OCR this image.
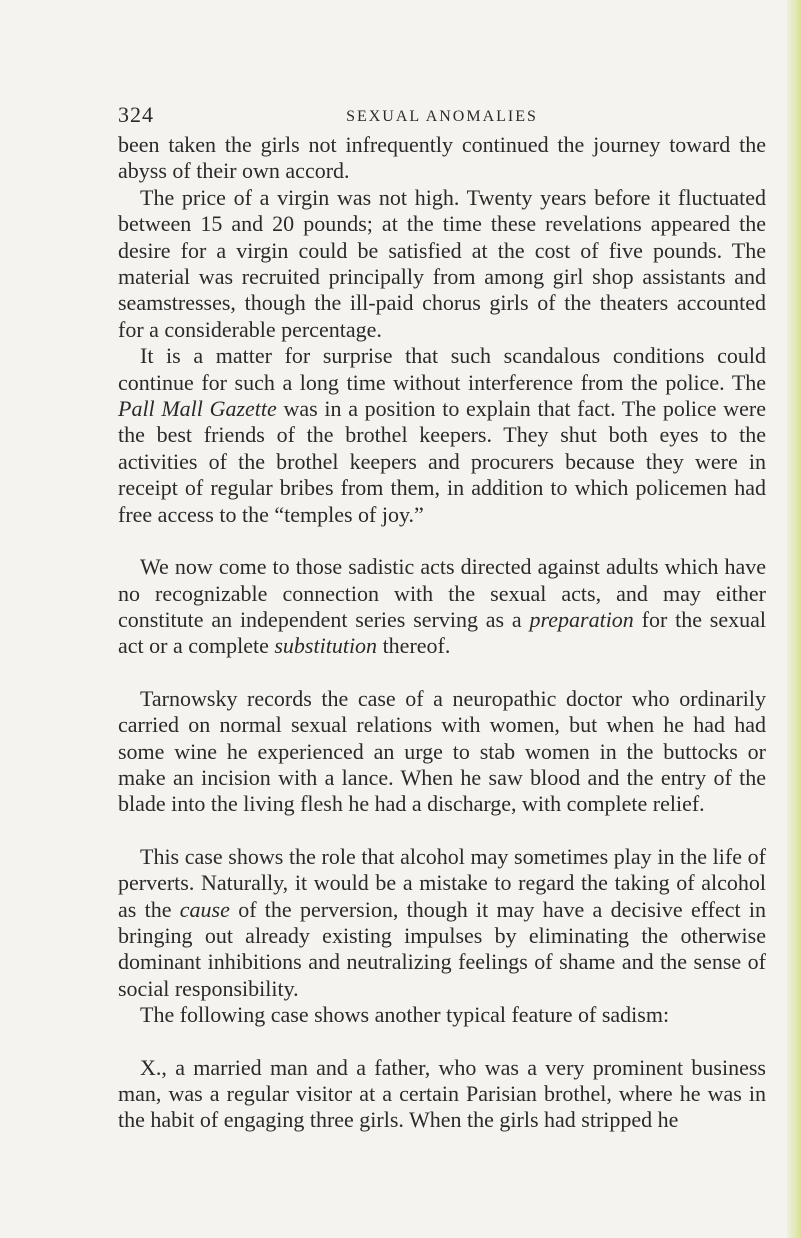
324	SEXUAL ANOMALIES

been taken the girls not infrequently continued the journey toward the abyss of their own accord.

The price of a virgin was not high. Twenty years before it fluctuated between 15 and 20 pounds; at the time these revelations appeared the desire for a virgin could be satisfied at the cost of five pounds. The material was recruited principally from among girl shop assistants and seamstresses, though the ill-paid chorus girls of the theaters accounted for a considerable percentage.

It is a matter for surprise that such scandalous conditions could continue for such a long time without interference from the police. The Pall Mall Gazette was in a position to explain that fact. The police were the best friends of the brothel keepers. They shut both eyes to the activities of the brothel keepers and procurers because they were in receipt of regular bribes from them, in addition to which policemen had free access to the “temples of joy.”

We now come to those sadistic acts directed against adults which have no recognizable connection with the sexual acts, and may either constitute an independent series serving as a preparation for the sexual act or a complete substitution thereof.

Tarnowsky records the case of a neuropathic doctor who ordinarily carried on normal sexual relations with women, but when he had had some wine he experienced an urge to stab women in the buttocks or make an incision with a lance. When he saw blood and the entry of the blade into the living flesh he had a discharge, with complete relief.

This case shows the role that alcohol may sometimes play in the life of perverts. Naturally, it would be a mistake to regard the taking of alcohol as the cause of the perversion, though it may have a decisive effect in bringing out already existing impulses by eliminating the otherwise dominant inhibitions and neutralizing feelings of shame and the sense of social responsibility.

The following case shows another typical feature of sadism:

X., a married man and a father, who was a very prominent business man, was a regular visitor at a certain Parisian brothel, where he was in the habit of engaging three girls. When the girls had stripped he
